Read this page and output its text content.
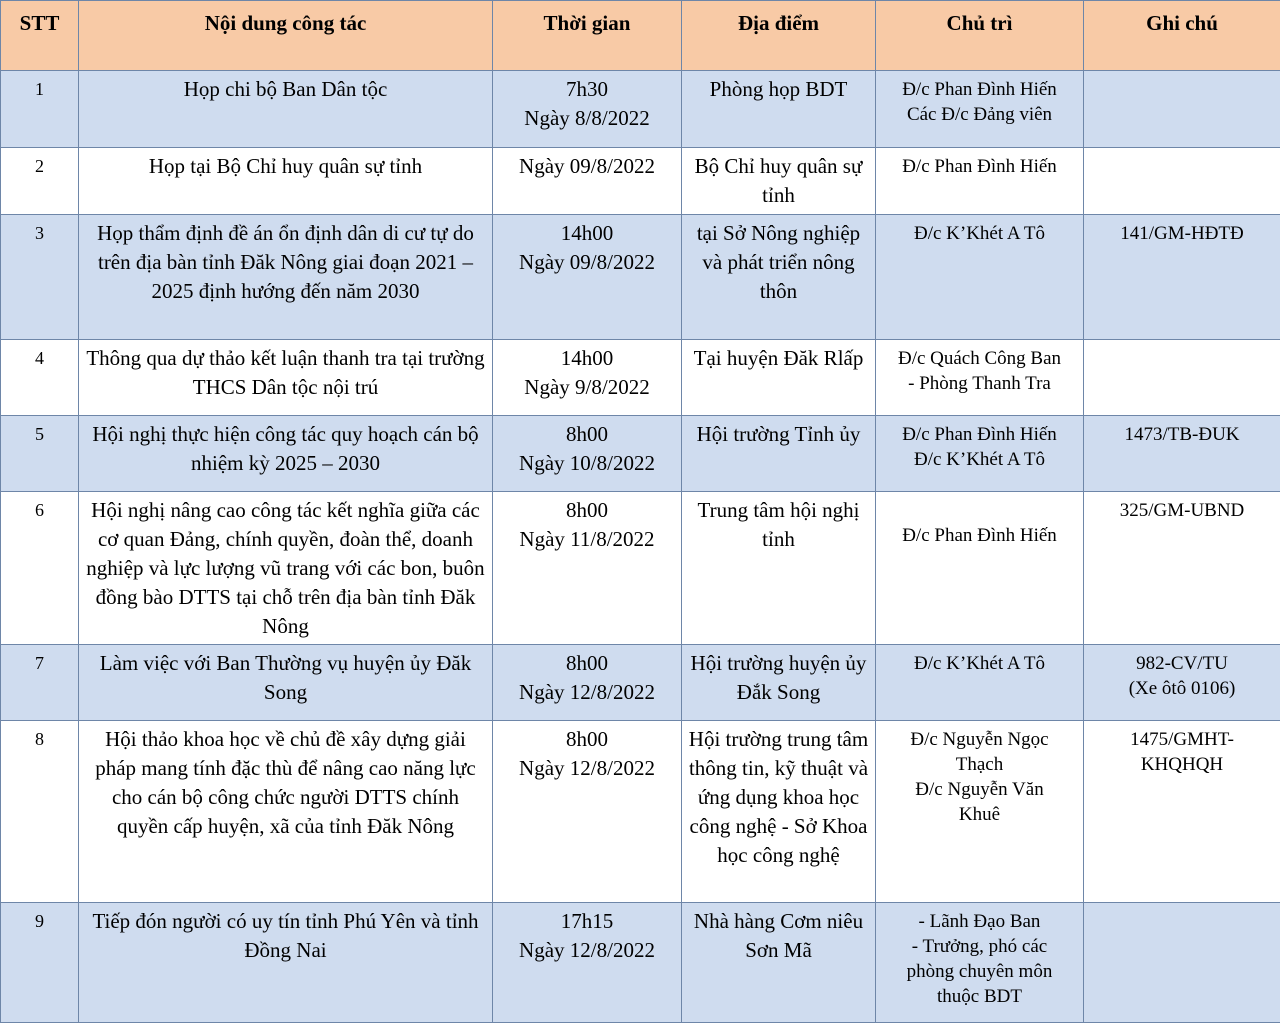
STT	Nội dung công tác	Thời gian	Địa điểm	Chủ trì	Ghi chú
1	Họp chi bộ Ban Dân tộc	7h30
Ngày 8/8/2022	Phòng họp BDT	Đ/c Phan Đình Hiến
Các Đ/c Đảng viên	

2	Họp tại Bộ Chỉ huy quân sự tỉnh	Ngày 09/8/2022	Bộ Chỉ huy quân sự tỉnh	Đ/c Phan Đình Hiến	

3	Họp thẩm định đề án ổn định dân di cư tự do trên địa bàn tỉnh Đăk Nông giai đoạn 2021 – 2025 định hướng đến năm 2030	14h00
Ngày 09/8/2022	tại Sở Nông nghiệp và phát triển nông thôn	Đ/c K’Khét A Tô	141/GM-HĐTĐ

4	Thông qua dự thảo kết luận thanh tra tại trường THCS Dân tộc nội trú	14h00
Ngày 9/8/2022	Tại huyện Đăk Rlấp	Đ/c Quách Công Ban
- Phòng Thanh Tra	

5	Hội nghị thực hiện công tác quy hoạch cán bộ nhiệm kỳ 2025 – 2030	8h00
Ngày 10/8/2022	Hội trường Tỉnh ủy	Đ/c Phan Đình Hiến
Đ/c K’Khét A Tô	1473/TB-ĐUK

6	Hội nghị nâng cao công tác kết nghĩa giữa các cơ quan Đảng, chính quyền, đoàn thể, doanh nghiệp và lực lượng vũ trang với các bon, buôn đồng bào DTTS tại chỗ trên địa bàn tỉnh Đăk Nông	8h00
Ngày 11/8/2022	Trung tâm hội nghị tỉnh	Đ/c Phan Đình Hiến	325/GM-UBND

7	Làm việc với Ban Thường vụ huyện ủy Đăk Song	8h00
Ngày 12/8/2022	Hội trường huyện ủy Đắk Song	Đ/c K’Khét A Tô	982-CV/TU
(Xe ôtô 0106)

8	Hội thảo khoa học về chủ đề xây dựng giải pháp mang tính đặc thù để nâng cao năng lực cho cán bộ công chức người DTTS chính quyền cấp huyện, xã của tỉnh Đăk Nông	8h00
Ngày 12/8/2022	Hội trường trung tâm thông tin, kỹ thuật và ứng dụng khoa học công nghệ - Sở Khoa học công nghệ	Đ/c Nguyễn Ngọc
Thạch
Đ/c Nguyễn Văn
Khuê	1475/GMHT-
KHQHQH

9	Tiếp đón người có uy tín tỉnh Phú Yên và tỉnh Đồng Nai	17h15
Ngày 12/8/2022	Nhà hàng Cơm niêu Sơn Mã	- Lãnh Đạo Ban
- Trưởng, phó các
phòng chuyên môn
thuộc BDT	
